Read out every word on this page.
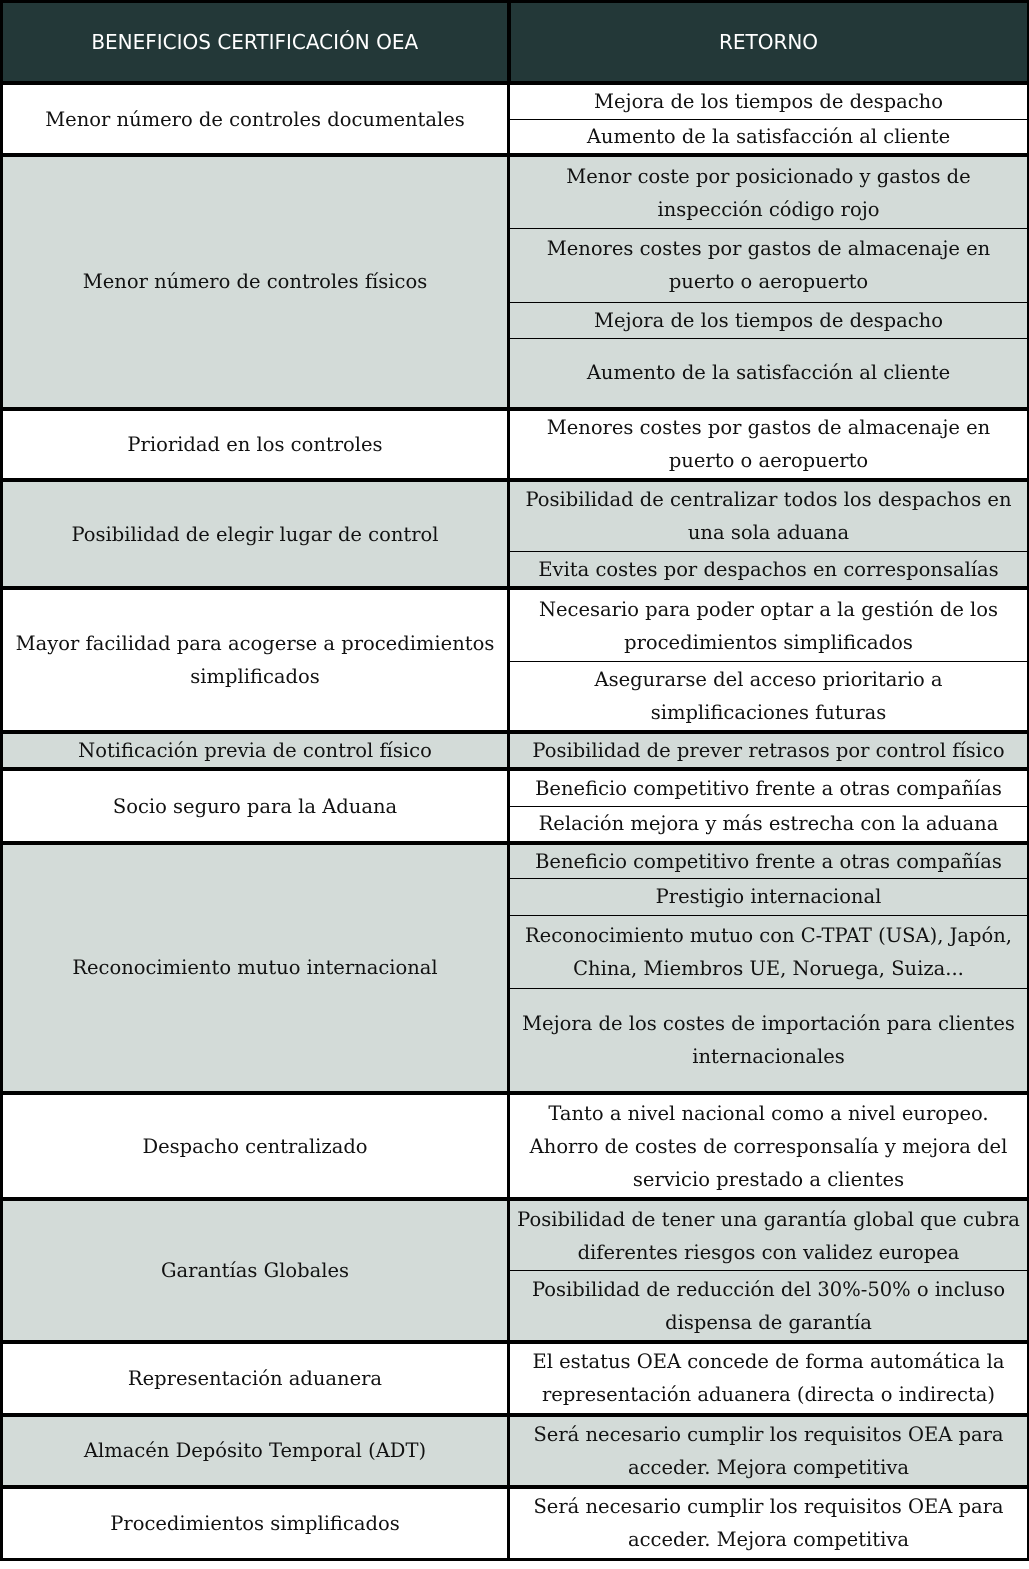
BENEFICIOS CERTIFICACIÓN OEA	RETORNO
Menor número de controles documentales	Mejora de los tiempos de despacho
	Aumento de la satisfacción al cliente
Menor número de controles físicos	Menor coste por posicionado y gastos de inspección código rojo
	Menores costes por gastos de almacenaje en puerto o aeropuerto
	Mejora de los tiempos de despacho
	Aumento de la satisfacción al cliente
Prioridad en los controles	Menores costes por gastos de almacenaje en puerto o aeropuerto
Posibilidad de elegir lugar de control	Posibilidad de centralizar todos los despachos en una sola aduana
	Evita costes por despachos en corresponsalías
Mayor facilidad para acogerse a procedimientos simplificados	Necesario para poder optar a la gestión de los procedimientos simplificados
	Asegurarse del acceso prioritario a simplificaciones futuras
Notificación previa de control físico	Posibilidad de prever retrasos por control físico
Socio seguro para la Aduana	Beneficio competitivo frente a otras compañías
	Relación mejora y más estrecha con la aduana
Reconocimiento mutuo internacional	Beneficio competitivo frente a otras compañías
	Prestigio internacional
	Reconocimiento mutuo con C-TPAT (USA), Japón, China, Miembros UE, Noruega, Suiza...
	Mejora de los costes de importación para clientes internacionales
Despacho centralizado	Tanto a nivel nacional como a nivel europeo. Ahorro de costes de corresponsalía y mejora del servicio prestado a clientes
Garantías Globales	Posibilidad de tener una garantía global que cubra diferentes riesgos con validez europea
	Posibilidad de reducción del 30%-50% o incluso dispensa de garantía
Representación aduanera	El estatus OEA concede de forma automática la representación aduanera (directa o indirecta)
Almacén Depósito Temporal (ADT)	Será necesario cumplir los requisitos OEA para acceder. Mejora competitiva
Procedimientos simplificados	Será necesario cumplir los requisitos OEA para acceder. Mejora competitiva
